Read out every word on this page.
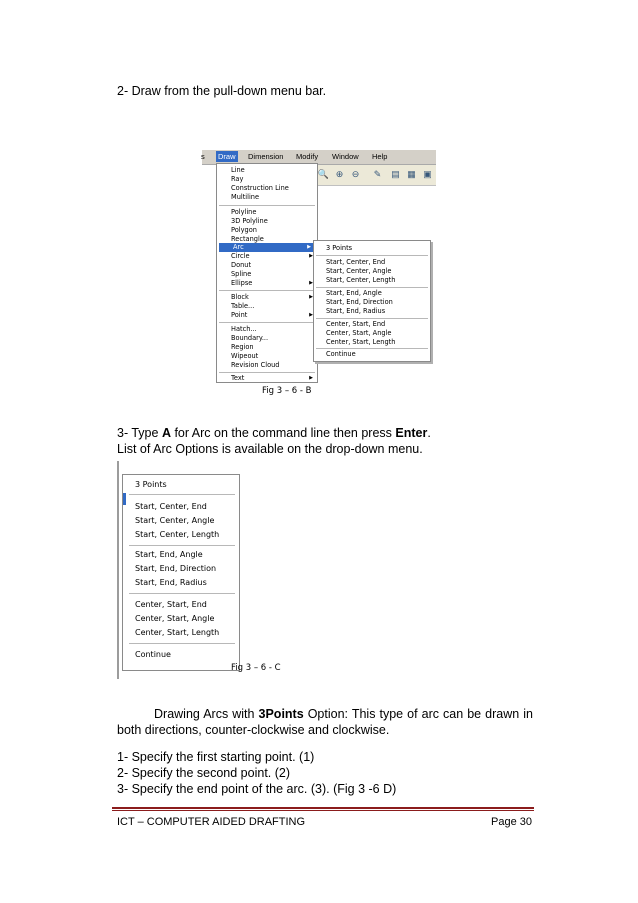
2- Draw from the pull-down menu bar.
s Draw Dimension Modify Window Help
🔍 ⊕ ⊖	✎	▤ ▦ ▣
Line
Ray
Construction Line
Multiline
Polyline
3D Polyline
Polygon
Rectangle
Arc	▶
Circle	▶
Donut
Spline
Ellipse	▶
Block	▶
Table...
Point	▶
Hatch...
Boundary...
Region
Wipeout
Revision Cloud
Text	▶
3 Points
Start, Center, End
Start, Center, Angle
Start, Center, Length
Start, End, Angle
Start, End, Direction
Start, End, Radius
Center, Start, End
Center, Start, Angle
Center, Start, Length
Continue
Fig 3 – 6 - B
3- Type A for Arc on the command line then press Enter.
List of Arc Options is available on the drop-down menu.
3 Points
Start, Center, End
Start, Center, Angle
Start, Center, Length
Start, End, Angle
Start, End, Direction
Start, End, Radius
Center, Start, End
Center, Start, Angle
Center, Start, Length
Continue
Fig 3 – 6 - C
Drawing Arcs with 3Points Option: This type of arc can be drawn in
both directions, counter-clockwise and clockwise.
1- Specify the first starting point. (1)
2- Specify the second point. (2)
3- Specify the end point of the arc. (3). (Fig 3 -6 D)
ICT – COMPUTER AIDED DRAFTING	Page 30
